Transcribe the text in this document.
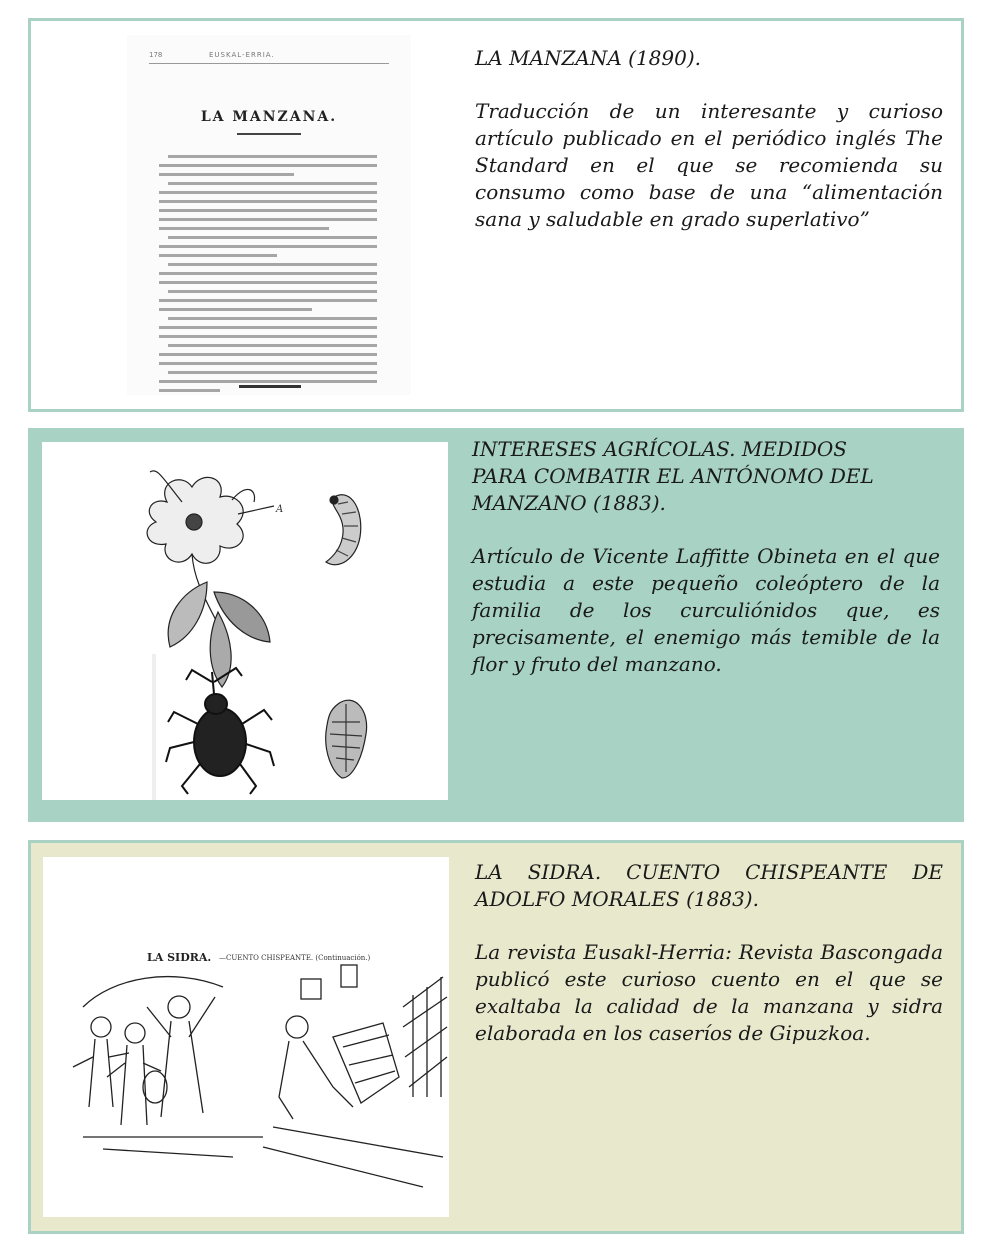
178	EUSKAL-ERRIA.
LA MANZANA.

LA MANZANA (1890).

Traducción de un interesante y curioso artículo publicado en el periódico inglés The Standard en el que se recomienda su consumo como base de una “alimentación sana y saludable en grado superlativo”

A

INTERESES AGRÍCOLAS. MEDIDOS
PARA COMBATIR EL ANTÓNOMO DEL
MANZANO (1883).

Artículo de Vicente Laffitte Obineta en el que estudia a este pequeño coleóptero de la familia de los curculiónidos que, es precisamente, el enemigo más temible de la flor y fruto del manzano.

LA SIDRA. —CUENTO CHISPEANTE. (Continuación.)

LA SIDRA. CUENTO CHISPEANTE DE ADOLFO MORALES (1883).

La revista Eusakl-Herria: Revista Bascongada publicó este curioso cuento en el que se exaltaba la calidad de la manzana y sidra elaborada en los caseríos de Gipuzkoa.
